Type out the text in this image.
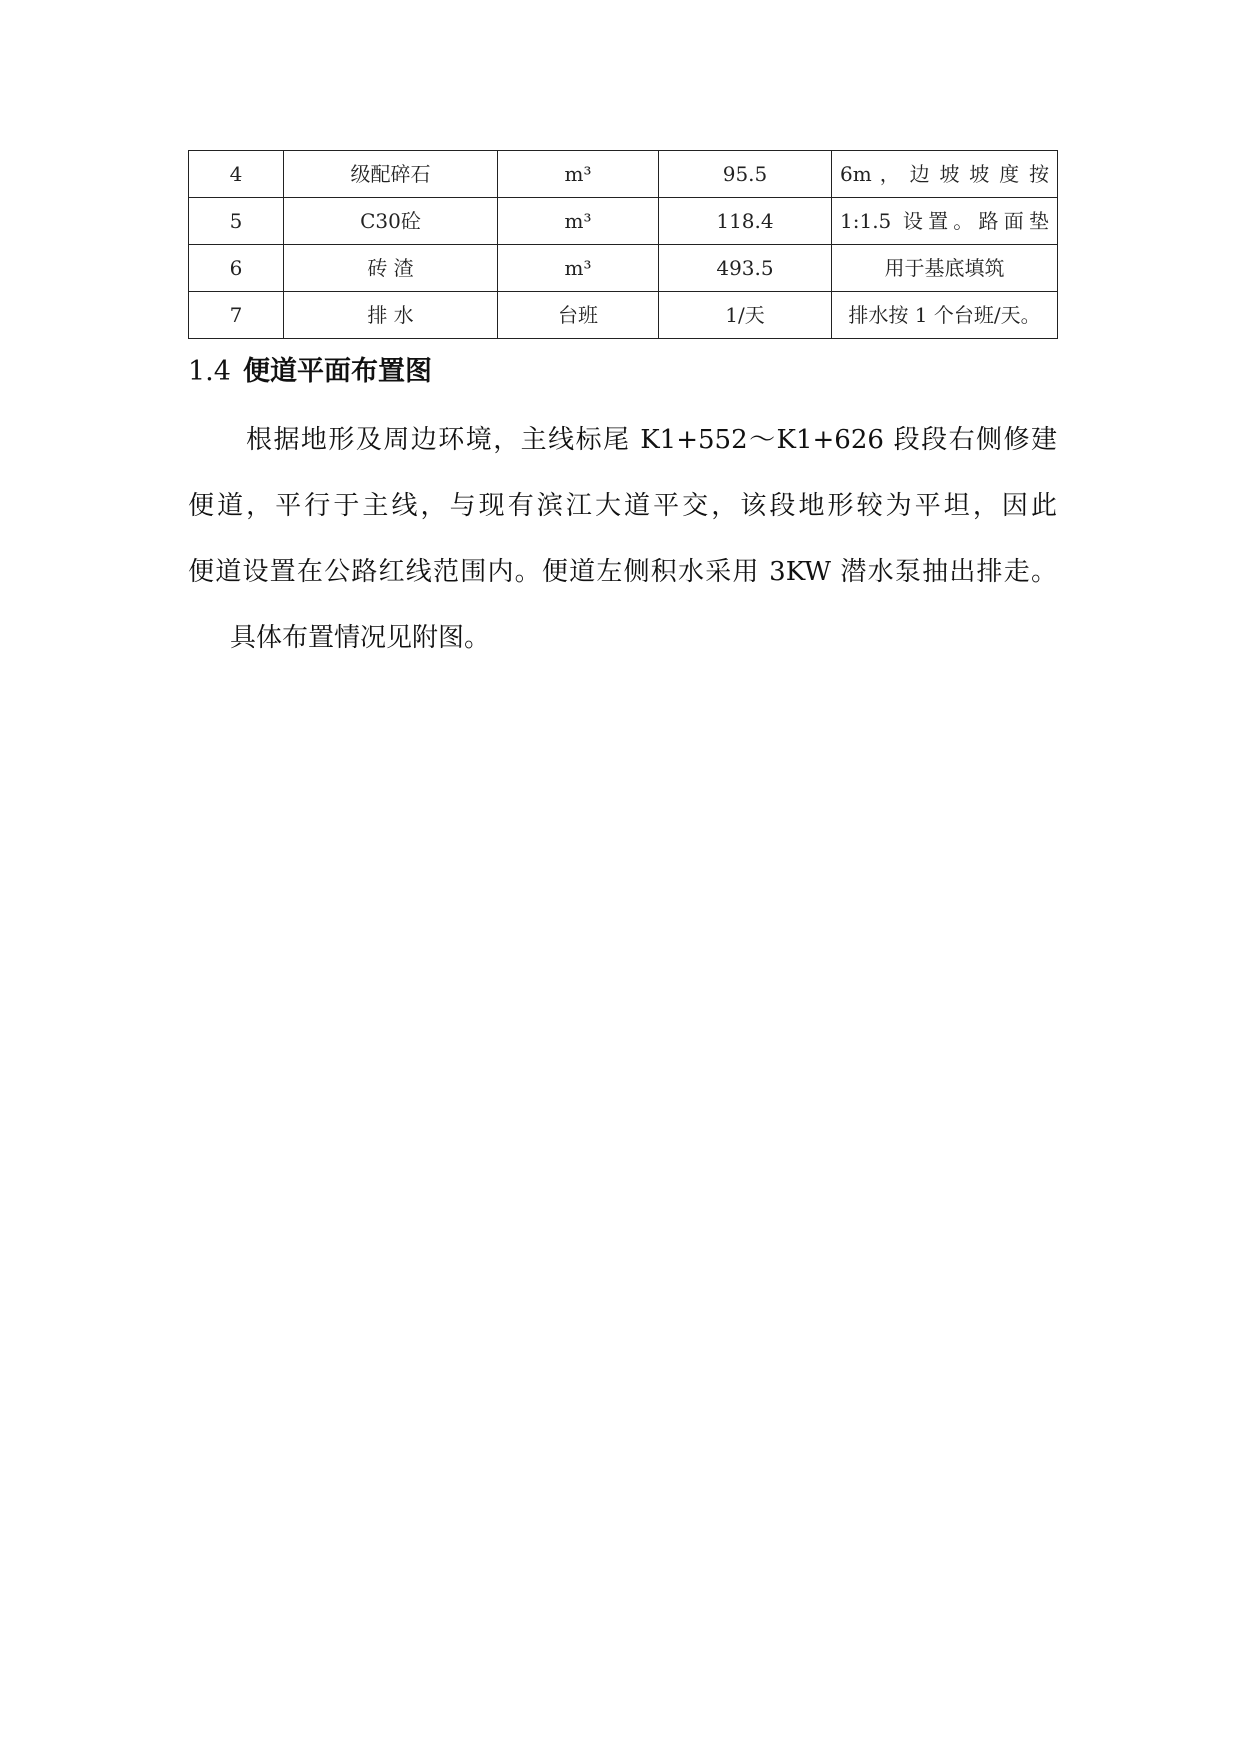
4	级配碎石	m³	95.5	6m ， 边 坡 坡 度 按

5	C30砼	m³	118.4	1:1.5 设置。路面垫

6	砖 渣	m³	493.5	用于基底填筑
7	排 水	台班	1/天	排水按 1 个台班/天。
1.4 便道平面布置图
根据地形及周边环境，主线标尾 K1+552～K1+626 段段右侧修建
便道，平行于主线，与现有滨江大道平交，该段地形较为平坦，因此
便道设置在公路红线范围内。便道左侧积水采用 3KW 潜水泵抽出排走。
具体布置情况见附图。
